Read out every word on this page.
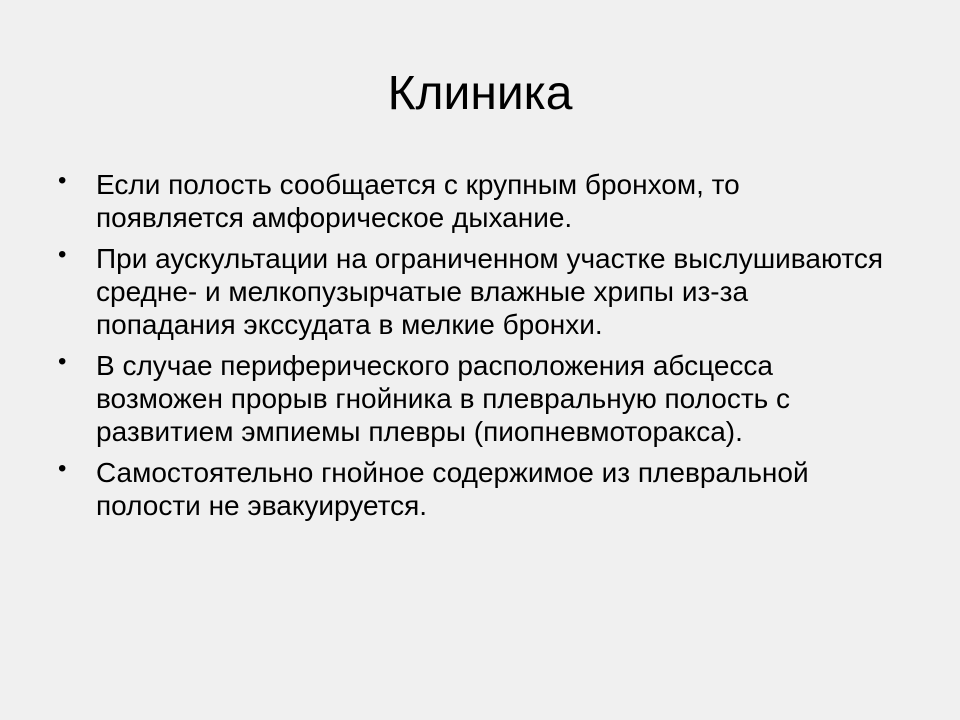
Клиника
• Если полость сообщается с крупным бронхом, то появляется амфорическое дыхание.
• При аускультации на ограниченном участке выслушиваются средне- и мелкопузырчатые влажные хрипы из-за попадания экссудата в мелкие бронхи.
• В случае периферического расположения абсцесса возможен прорыв гнойника в плевральную полость с развитием эмпиемы плевры (пиопневмоторакса).
• Самостоятельно гнойное содержимое из плевральной полости не эвакуируется.
